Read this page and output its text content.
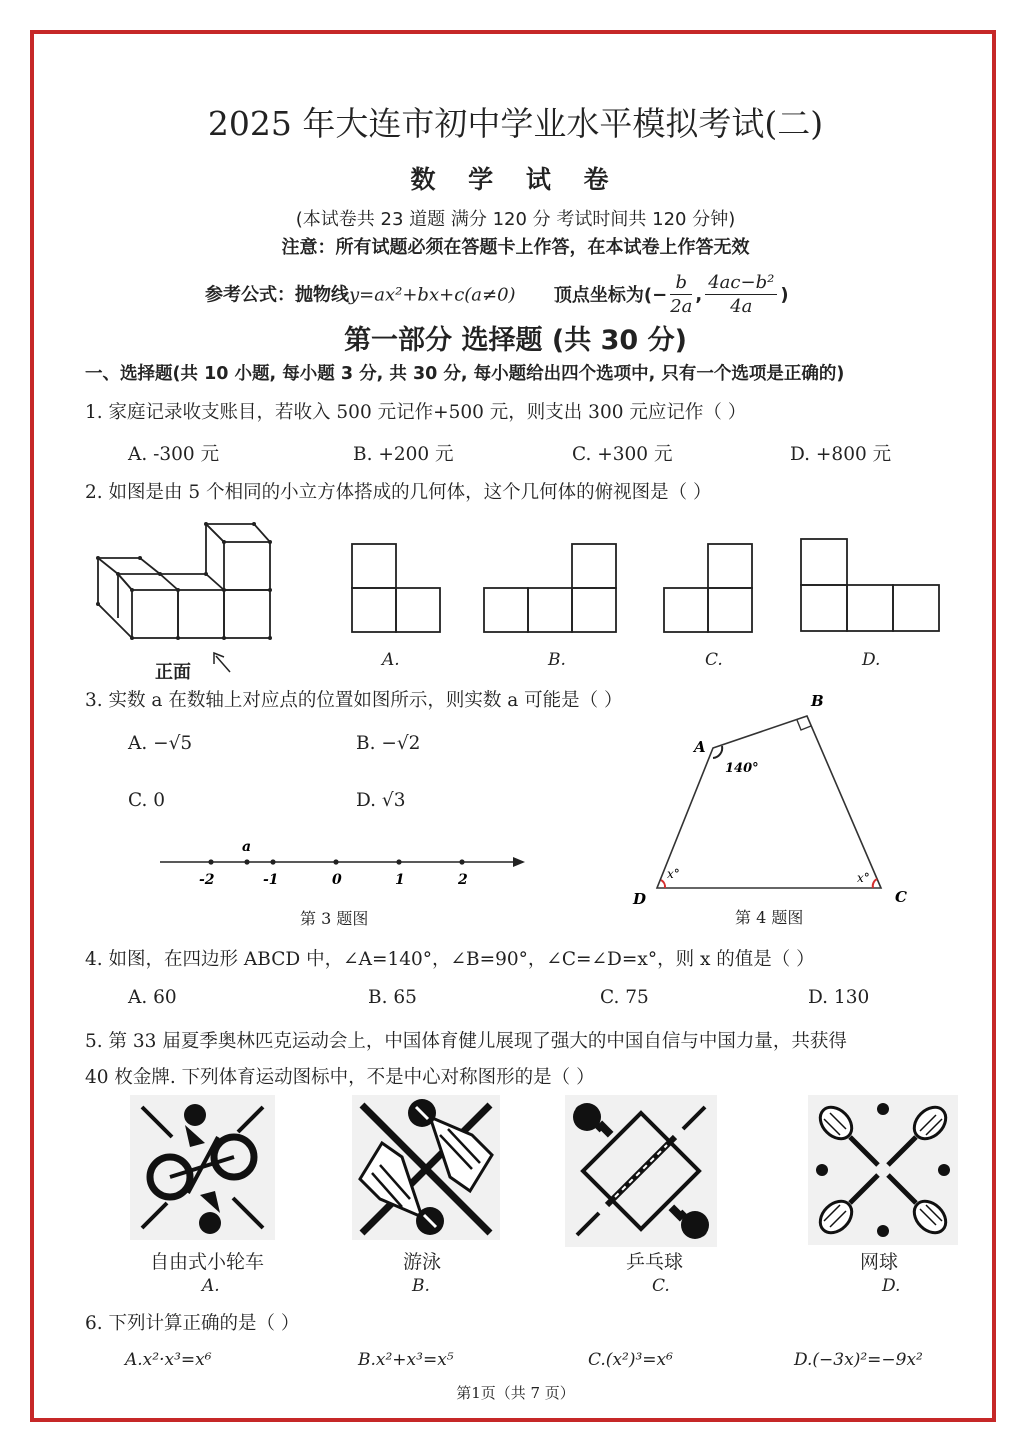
2025 年大连市初中学业水平模拟考试(二)
数 学 试 卷
(本试卷共 23 道题 满分 120 分 考试时间共 120 分钟)
注意：所有试题必须在答题卡上作答，在本试卷上作答无效
参考公式：抛物线y=ax²+bx+c(a≠0) 顶点坐标为(− $\frac{b}{2a}$ , $\frac{\text{4ac−b²}}{4a}$ )
第一部分 选择题 (共 30 分)
一、选择题(共 10 小题, 每小题 3 分, 共 30 分, 每小题给出四个选项中, 只有一个选项是正确的)
1. 家庭记录收支账目，若收入 500 元记作+500 元，则支出 300 元应记作（ ）
A. -300 元	B. +200 元	C. +300 元	D. +800 元
2. 如图是由 5 个相同的小立方体搭成的几何体，这个几何体的俯视图是（ ）
正面
A.	B.	C.	D.
3. 实数 a 在数轴上对应点的位置如图所示，则实数 a 可能是（ ）
A. −√5	B. −√2
C. 0	D. √3
a
-2	-1	0	1	2
第 3 题图
A
B
C
D
140°
x°	x°
第 4 题图
4. 如图，在四边形 ABCD 中，∠A=140°，∠B=90°，∠C=∠D=x°，则 x 的值是（ ）
A. 60	B. 65	C. 75	D. 130
5. 第 33 届夏季奥林匹克运动会上，中国体育健儿展现了强大的中国自信与中国力量，共获得
40 枚金牌. 下列体育运动图标中，不是中心对称图形的是（ ）
自由式小轮车
A.
游泳
B.
乒乓球
C.
网球
D.
6. 下列计算正确的是（ ）
A.x²·x³=x⁶	B.x²+x³=x⁵	C.(x²)³=x⁶	D.(−3x)²=−9x²
第1页（共 7 页）
